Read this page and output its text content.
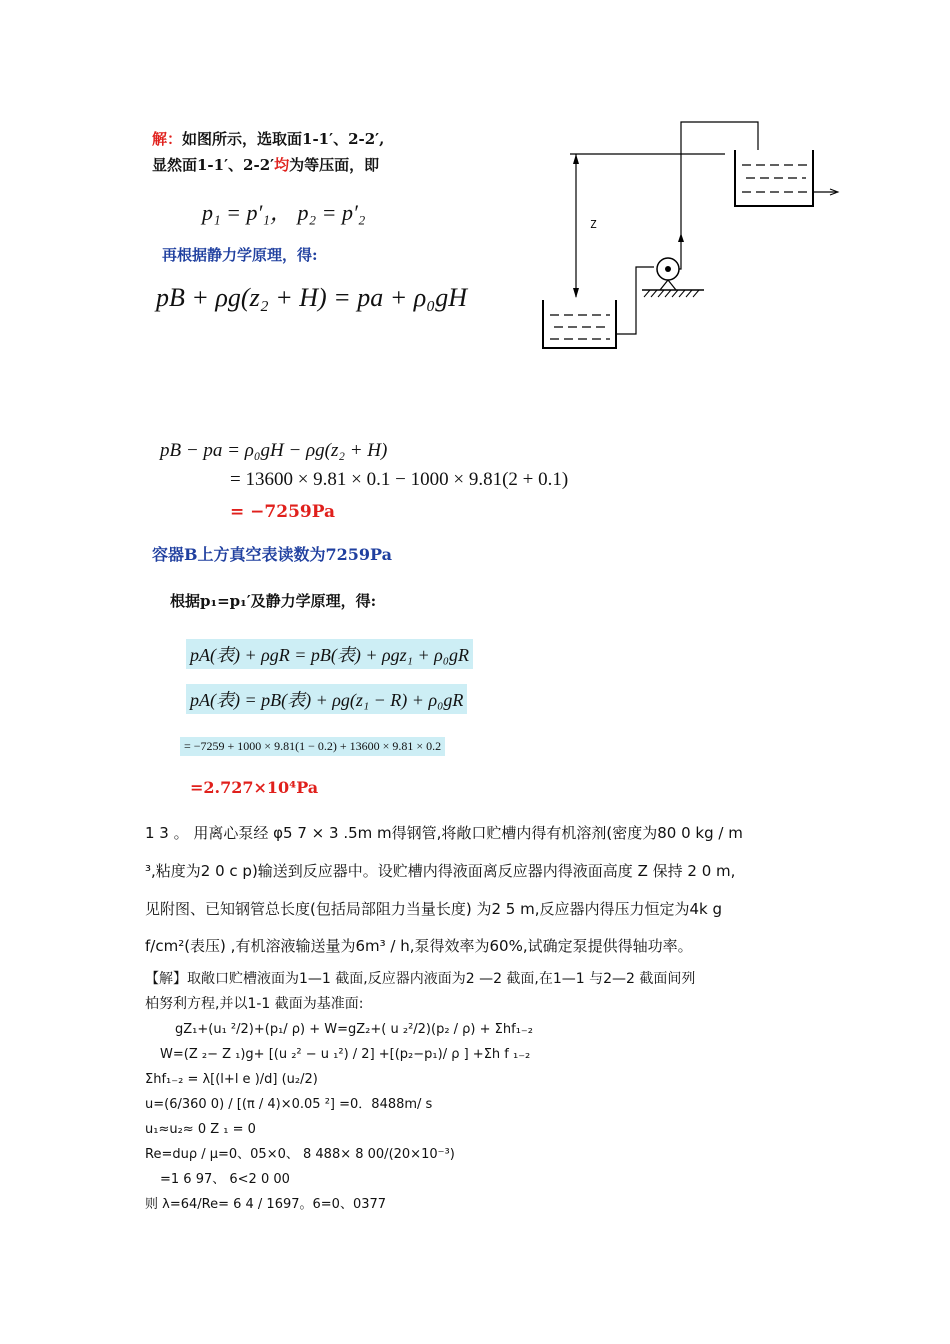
解：如图所示，选取面1-1′、2-2′,
显然面1-1′、2-2′均为等压面，即
p₁ = p′₁， p₂ = p′₂
再根据静力学原理，得:
pB + ρg(z₂ + H) = pa + ρ₀gH
Z
pB − pa = ρ₀gH − ρg(z₂ + H)
= 13600 × 9.81 × 0.1 − 1000 × 9.81(2 + 0.1)
= −7259Pa
容器B上方真空表读数为7259Pa
根据p₁=p₁′及静力学原理，得:
pA(表) + ρgR = pB(表) + ρgz₁ + ρ₀gR
pA(表) = pB(表) + ρg(z₁ − R) + ρ₀gR
= −7259 + 1000 × 9.81(1 − 0.2) + 13600 × 9.81 × 0.2
=2.727×10⁴Pa
1 3 。 用离心泵经 φ5 7 × 3 .5m m得钢管,将敞口贮槽内得有机溶剂(密度为80 0 kg / m
³,粘度为2 0 c p)输送到反应器中。设贮槽内得液面离反应器内得液面高度 Z 保持 2 0 m,
见附图、已知钢管总长度(包括局部阻力当量长度) 为2 5 m,反应器内得压力恒定为4k g
f/cm²(表压) ,有机溶液输送量为6m³ / h,泵得效率为60%,试确定泵提供得轴功率。
【解】取敞口贮槽液面为1—1 截面,反应器内液面为2 —2 截面,在1—1 与2—2 截面间列
柏努利方程,并以1-1 截面为基准面:
gZ₁+(u₁ ²/2)+(p₁/ ρ) + W=gZ₂+( u ₂²/2)(p₂ / ρ) + Σhf₁₋₂
W=(Z ₂− Z ₁)g+ [(u ₂² − u ₁²) / 2] +[(p₂−p₁)/ ρ ] +Σh f ₁₋₂
Σhf₁₋₂ = λ[(l+l e )/d] (u₂/2)
u=(6/360 0) / [(π / 4)×0.05 ²] =0．8488m/ s
u₁≈u₂≈ 0 Z ₁ = 0
Re=duρ / μ=0、05×0、 8 488× 8 00/(20×10⁻³)
=1 6 97、 6<2 0 00
则 λ=64/Re= 6 4 / 1697。6=0、0377
